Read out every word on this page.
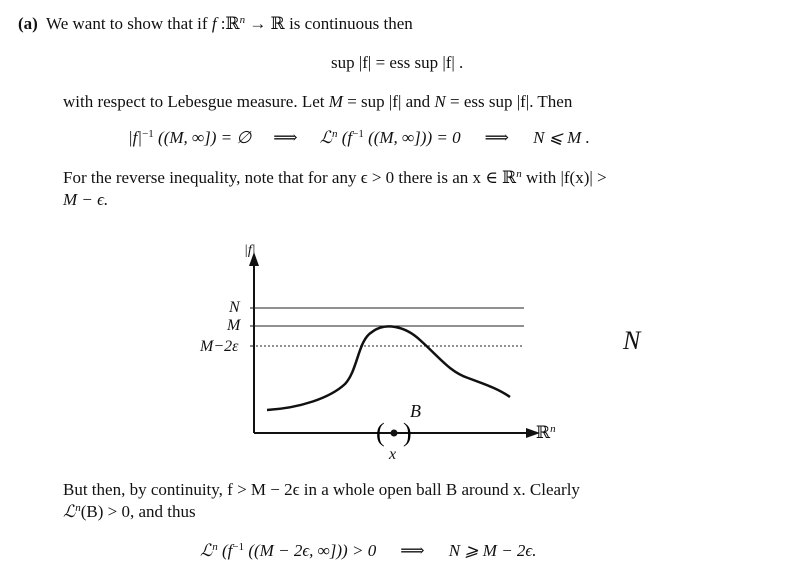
(a) We want to show that if f :ℝ$^n$ → ℝ is continuous then
sup |f| = ess sup |f| .
with respect to Lebesgue measure. Let M = sup |f| and N = ess sup |f|. Then
$|f|^{-1}$ ((M, ∞]) = ∅ ⟹ ℒ$^n$ ($f^{-1}$ ((M, ∞])) = 0 ⟹ N ⩽ M .
For the reverse inequality, note that for any ϵ > 0 there is an x ∈ ℝ$^n$ with |f(x)| >
M − ϵ.
( )
|f|
N
M
M−2ε
B
x
ℝ$^n$
N
But then, by continuity, f > M − 2ϵ in a whole open ball B around x. Clearly
ℒ$^n$(B) > 0, and thus
ℒ$^n$ ($f^{-1}$ ((M − 2ϵ, ∞])) > 0 ⟹ N ⩾ M − 2ϵ.
